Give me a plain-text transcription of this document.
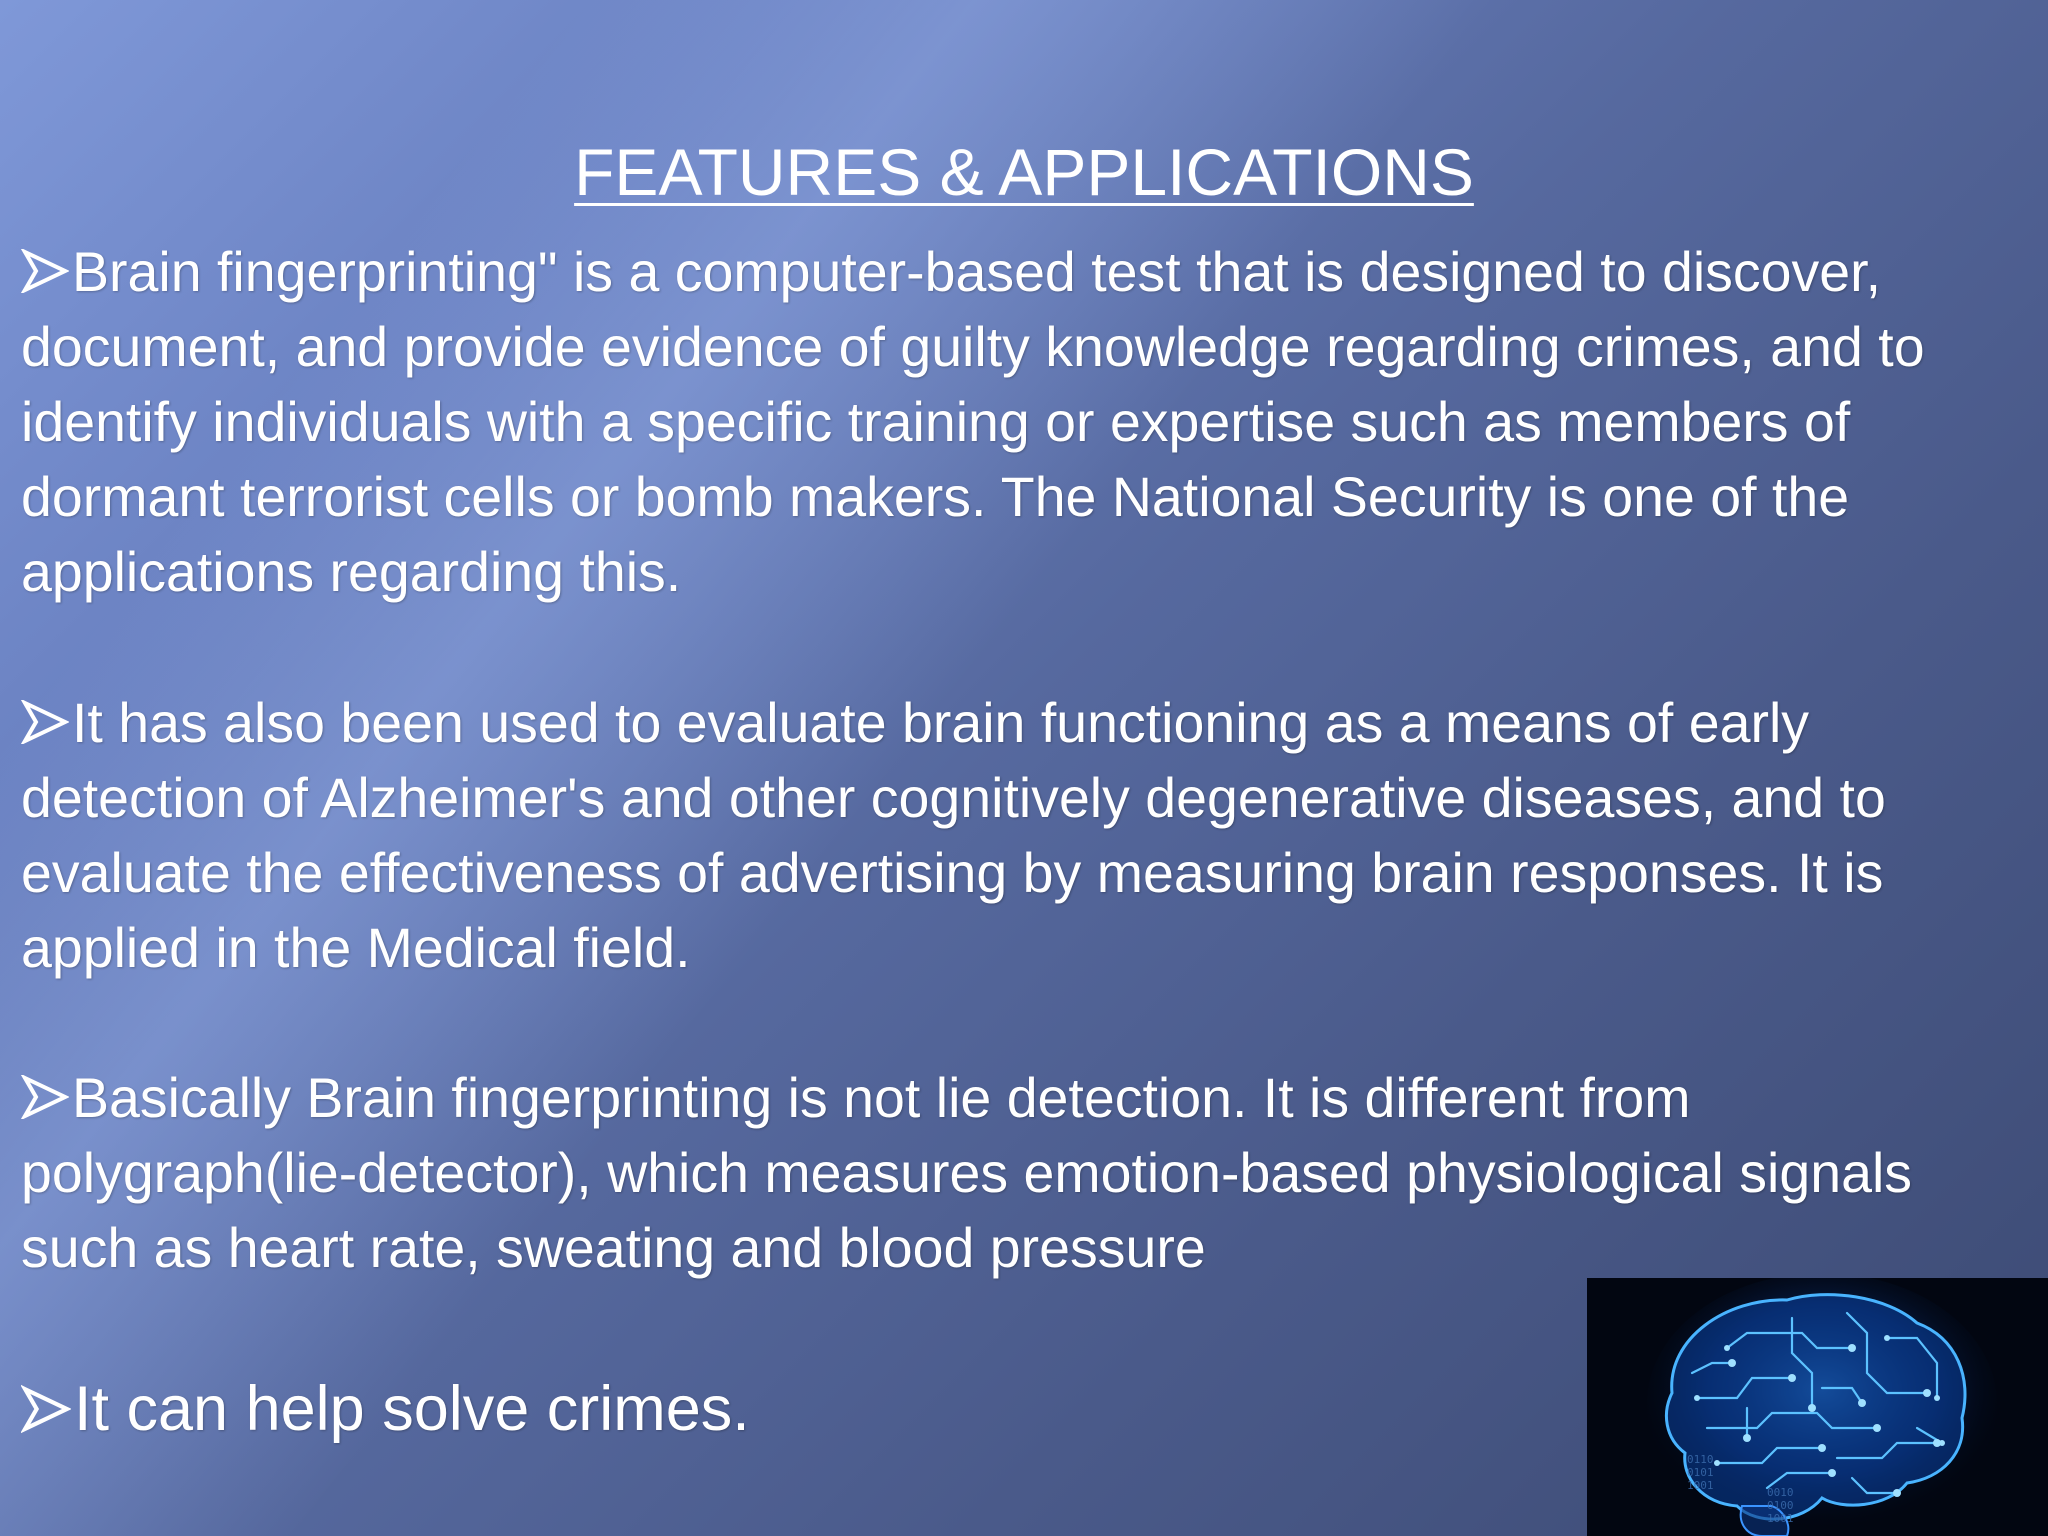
FEATURES & APPLICATIONS

Brain fingerprinting" is a computer-based test that is designed to discover, document, and provide evidence of guilty knowledge regarding crimes, and to identify individuals with a specific training or expertise such as members of dormant terrorist cells or bomb makers. The National Security is one of the applications regarding this.

It has also been used to evaluate brain functioning as a means of early detection of Alzheimer's and other cognitively degenerative diseases, and to evaluate the effectiveness of advertising by measuring brain responses. It is applied in the Medical field.

Basically Brain fingerprinting is not lie detection. It is different from polygraph(lie-detector), which measures emotion-based physiological signals such as heart rate, sweating and blood pressure

It can help solve crimes.

0110
0101
1001
0010
0100
1001
